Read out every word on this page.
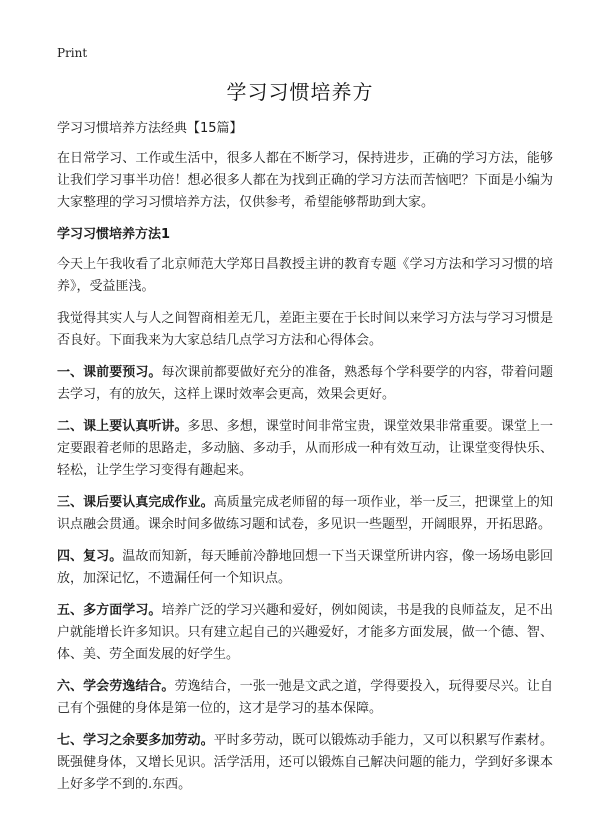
Print
学习习惯培养方

学习习惯培养方法经典【15篇】

在日常学习、工作或生活中，很多人都在不断学习，保持进步，正确的学习方法，能够让我们学习事半功倍！想必很多人都在为找到正确的学习方法而苦恼吧？下面是小编为大家整理的学习习惯培养方法，仅供参考，希望能够帮助到大家。

学习习惯培养方法1

今天上午我收看了北京师范大学郑日昌教授主讲的教育专题《学习方法和学习习惯的培养》，受益匪浅。

我觉得其实人与人之间智商相差无几，差距主要在于长时间以来学习方法与学习习惯是否良好。下面我来为大家总结几点学习方法和心得体会。

一、课前要预习。每次课前都要做好充分的准备，熟悉每个学科要学的内容，带着问题去学习，有的放矢，这样上课时效率会更高，效果会更好。

二、课上要认真听讲。多思、多想，课堂时间非常宝贵，课堂效果非常重要。课堂上一定要跟着老师的思路走，多动脑、多动手，从而形成一种有效互动，让课堂变得快乐、轻松，让学生学习变得有趣起来。

三、课后要认真完成作业。高质量完成老师留的每一项作业，举一反三，把课堂上的知识点融会贯通。课余时间多做练习题和试卷，多见识一些题型，开阔眼界，开拓思路。

四、复习。温故而知新，每天睡前冷静地回想一下当天课堂所讲内容，像一场场电影回放，加深记忆，不遗漏任何一个知识点。

五、多方面学习。培养广泛的学习兴趣和爱好，例如阅读，书是我的良师益友，足不出户就能增长许多知识。只有建立起自己的兴趣爱好，才能多方面发展，做一个德、智、体、美、劳全面发展的好学生。

六、学会劳逸结合。劳逸结合，一张一弛是文武之道，学得要投入，玩得要尽兴。让自己有个强健的身体是第一位的，这才是学习的基本保障。

七、学习之余要多加劳动。平时多劳动，既可以锻炼动手能力，又可以积累写作素材。既强健身体，又增长见识。活学活用，还可以锻炼自己解决问题的能力，学到好多课本上好多学不到的.东西。
